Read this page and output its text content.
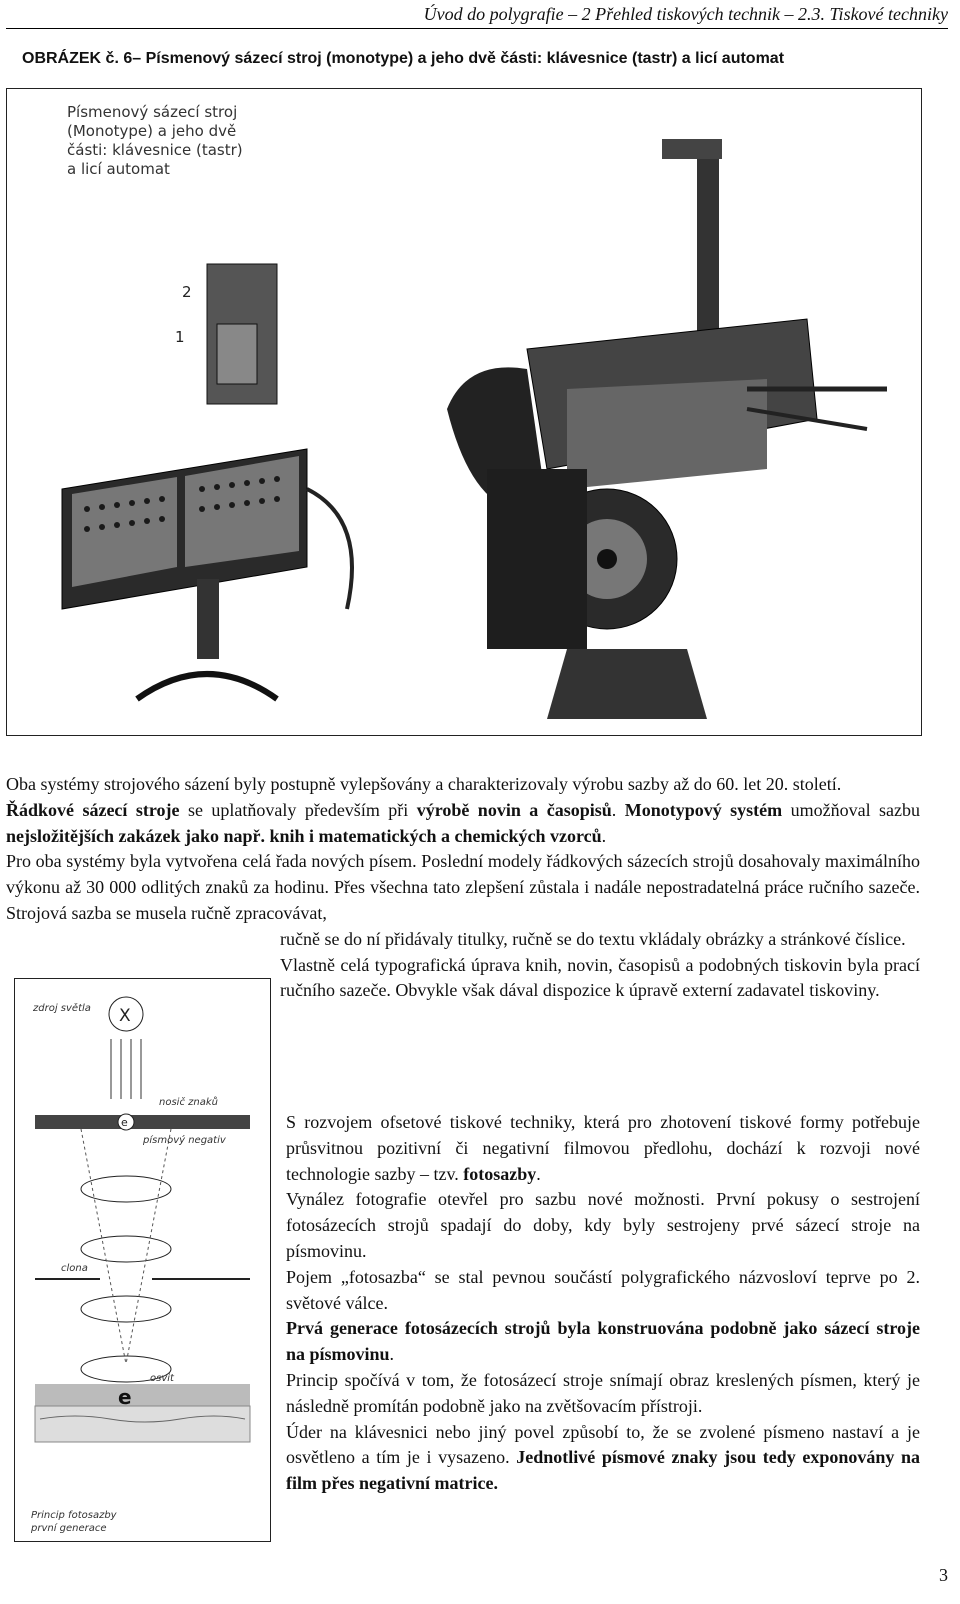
Úvod do polygrafie – 2 Přehled tiskových technik – 2.3. Tiskové techniky
OBRÁZEK č. 6– Písmenový sázecí stroj (monotype) a jeho dvě části: klávesnice (tastr) a licí automat
Písmenový sázecí stroj
(Monotype) a jeho dvě
části: klávesnice (tastr)
a licí automat
1
2
Oba systémy strojového sázení byly postupně vylepšovány a charakterizovaly výrobu sazby až do 60. let 20. století.
Řádkové sázecí stroje se uplatňovaly především při výrobě novin a časopisů. Monotypový systém umožňoval sazbu nejsložitějších zakázek jako např. knih i matematických a chemických vzorců.
Pro oba systémy byla vytvořena celá řada nových písem. Poslední modely řádkových sázecích strojů dosahovaly maximálního výkonu až 30 000 odlitých znaků za hodinu. Přes všechna tato zlepšení zůstala i nadále nepostradatelná práce ručního sazeče. Strojová sazba se musela ručně zpracovávat,
ručně se do ní přidávaly titulky, ručně se do textu vkládaly obrázky a stránkové číslice.
Vlastně celá typografická úprava knih, novin, časopisů a podobných tiskovin byla prací ručního sazeče. Obvykle však dával dispozice k úpravě externí zadavatel tiskoviny.
X
e
e
zdroj světla
nosič znaků
písmový negativ
clona
osvit
Princip fotosazby
první generace
S rozvojem ofsetové tiskové techniky, která pro zhotovení tiskové formy potřebuje průsvitnou pozitivní či negativní filmovou předlohu, dochází k rozvoji nové technologie sazby – tzv. fotosazby.
Vynález fotografie otevřel pro sazbu nové možnosti. První pokusy o sestrojení fotosázecích strojů spadají do doby, kdy byly sestrojeny prvé sázecí stroje na písmovinu.
Pojem „fotosazba“ se stal pevnou součástí polygrafického názvosloví teprve po 2. světové válce.
Prvá generace fotosázecích strojů byla konstruována podobně jako sázecí stroje na písmovinu.
Princip spočívá v tom, že fotosázecí stroje snímají obraz kreslených písmen, který je následně promítán podobně jako na zvětšovacím přístroji.
Úder na klávesnici nebo jiný povel způsobí to, že se zvolené písmeno nastaví a je osvětleno a tím je i vysazeno. Jednotlivé písmové znaky jsou tedy exponovány na film přes negativní matrice.
3
